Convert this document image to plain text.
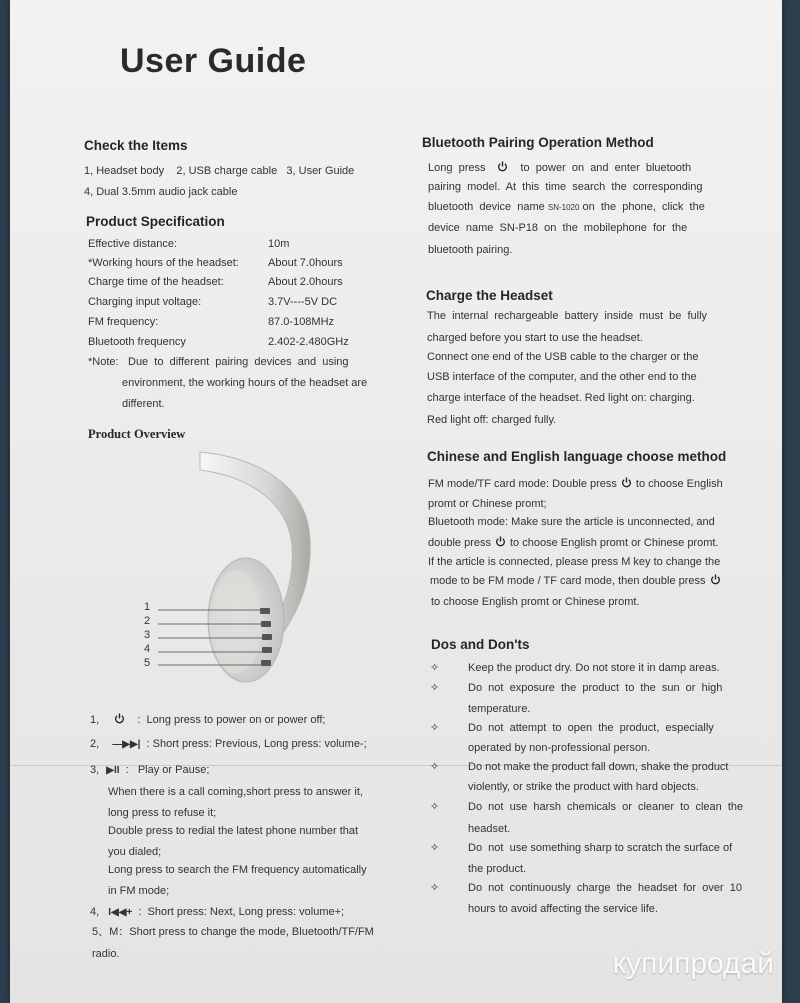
User Guide
Check the Items
1, Headset body    2, USB charge cable   3, User Guide
4, Dual 3.5mm audio jack cable
Product Specification
Effective distance:	10m
*Working hours of the headset:	About 7.0hours
Charge time of the headset:	About 2.0hours
Charging input voltage:	3.7V----5V DC
FM frequency:	87.0-108MHz
Bluetooth frequency	2.402-2.480GHz
*Note: Due  to  different  pairing  devices  and  using
environment, the working hours of the headset are
different.
Product Overview
1
2
3
4
5
1,	:  Long press to power on or power off;
2, —▶▶|  : Short press: Previous, Long press: volume-;
3, ▶II  :   Play or Pause;
When there is a call coming,short press to answer it,
long press to refuse it;
Double press to redial the latest phone number that
you dialed;
Long press to search the FM frequency automatically
in FM mode;
4, I◀◀+  :  Short press: Next, Long press: volume+;
5、M：Short press to change the mode, Bluetooth/TF/FM
radio.
Bluetooth Pairing Operation Method
Long  press	to  power  on  and  enter  bluetooth
pairing  model.  At  this  time  search  the  corresponding
bluetooth  device  name SN-1020 on  the  phone,  click  the
device  name  SN-P18  on  the  mobilephone  for  the
bluetooth pairing.
Charge the Headset
The  internal  rechargeable  battery  inside  must  be  fully
charged before you start to use the headset.
Connect one end of the USB cable to the charger or the
USB interface of the computer, and the other end to the
charge interface of the headset. Red light on: charging.
Red light off: charged fully.
Chinese and English language choose method
FM mode/TF card mode: Double press to choose English
promt or Chinese promt;
Bluetooth mode: Make sure the article is unconnected, and
double press to choose English promt or Chinese promt.
If the article is connected, please press M key to change the
mode to be FM mode / TF card mode, then double press
to choose English promt or Chinese promt.
Dos and Don'ts
✧	Keep the product dry. Do not store it in damp areas.
✧	Do  not  exposure  the  product  to  the  sun  or  high
temperature.
✧	Do  not  attempt  to  open  the  product,  especially
operated by non-professional person.
✧	Do not make the product fall down, shake the product
violently, or strike the product with hard objects.
✧	Do  not  use  harsh  chemicals  or  cleaner  to  clean  the
headset.
✧	Do  not  use something sharp to scratch the surface of
the product.
✧	Do  not  continuously  charge  the  headset  for  over  10
hours to avoid affecting the service life.
купипродай
